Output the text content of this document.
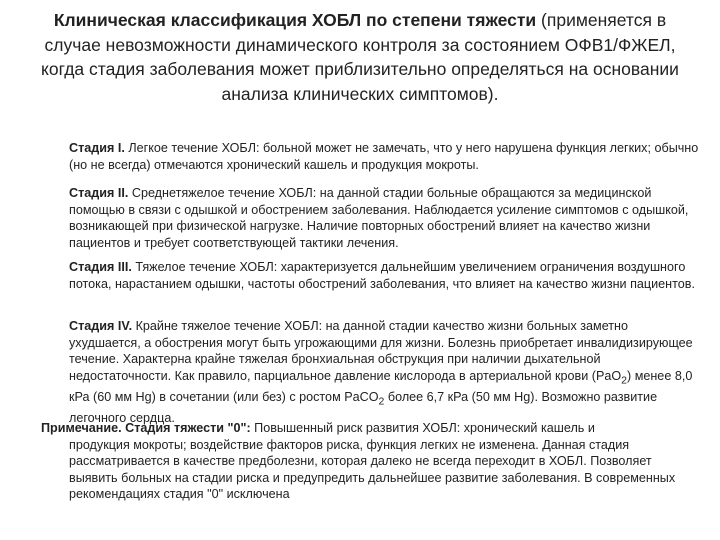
Клиническая классификация ХОБЛ по степени тяжести (применяется в случае невозможности динамического контроля за состоянием ОФВ1/ФЖЕЛ, когда стадия заболевания может приблизительно определяться на основании анализа клинических симптомов).
Стадия I. Легкое течение ХОБЛ: больной может не замечать, что у него нарушена функция легких; обычно (но не всегда) отмечаются хронический кашель и продукция мокроты.
Стадия II. Среднетяжелое течение ХОБЛ: на данной стадии больные обращаются за медицинской помощью в связи с одышкой и обострением заболевания. Наблюдается усиление симптомов с одышкой, возникающей при физической нагрузке. Наличие повторных обострений влияет на качество жизни пациентов и требует соответствующей тактики лечения.
Стадия III. Тяжелое течение ХОБЛ: характеризуется дальнейшим увеличением ограничения воздушного потока, нарастанием одышки, частоты обострений заболевания, что влияет на качество жизни пациентов.
Стадия IV. Крайне тяжелое течение ХОБЛ: на данной стадии качество жизни больных заметно ухудшается, а обострения могут быть угрожающими для жизни. Болезнь приобретает инвалидизирующее течение. Характерна крайне тяжелая бронхиальная обструкция при наличии дыхательной недостаточности. Как правило, парциальное давление кислорода в артериальной крови (PaO$_2$) менее 8,0 кРа (60 мм Hg) в сочетании (или без) с ростом PaCO$_2$ более 6,7 кРа (50 мм Hg). Возможно развитие легочного сердца.
Примечание. Стадия тяжести "0": Повышенный риск развития ХОБЛ: хронический кашель и
продукция мокроты; воздействие факторов риска, функция легких не изменена. Данная стадия рассматривается в качестве предболезни, которая далеко не всегда переходит в ХОБЛ. Позволяет выявить больных на стадии риска и предупредить дальнейшее развитие заболевания. В современных рекомендациях стадия "0" исключена
